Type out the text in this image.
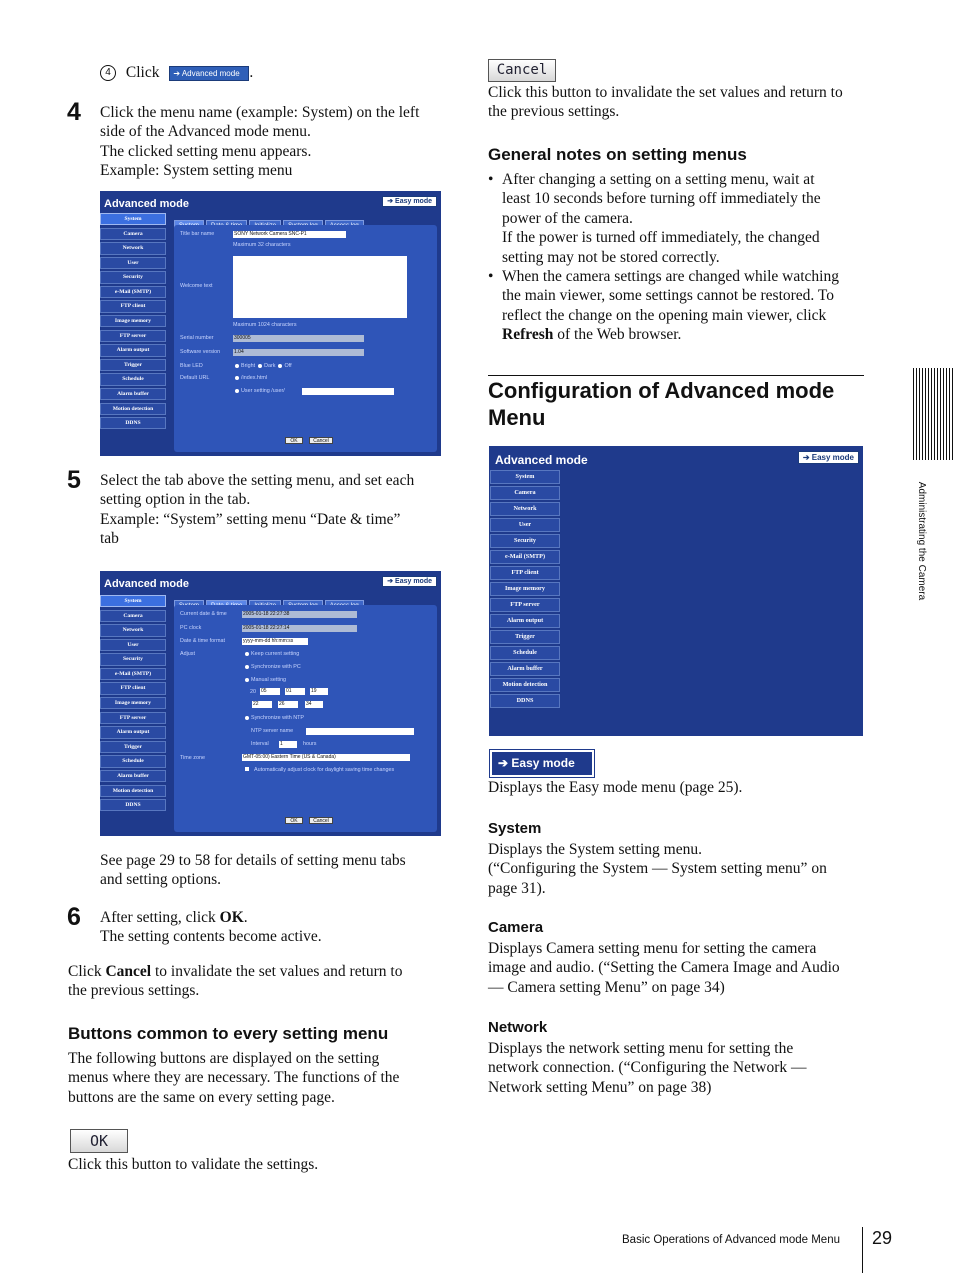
4 Click ➔ Advanced mode .
4 Click the menu name (example: System) on the left

side of the Advanced mode menu.

The clicked setting menu appears.

Example: System setting menu

Advanced mode	➔ Easy mode
System
Camera
Network
User
Security
e-Mail (SMTP)
FTP client
Image memory
FTP server
Alarm output
Trigger
Schedule
Alarm buffer
Motion detection
DDNS
Title bar name	SONY Network Camera SNC-P1
Maximum 32 characters
Welcome text
Maximum 1024 characters
Serial number	300005
Software version	1.04
Blue LED	Bright Dark Off
Default URL	/index.html
User setting /user/
OK	Cancel
5 Select the tab above the setting menu, and set each

setting option in the tab.

Example: “System” setting menu “Date & time”

tab

Advanced mode	➔ Easy mode
System
Camera
Network
User
Security
e-Mail (SMTP)
FTP client
Image memory
FTP server
Alarm output
Trigger
Schedule
Alarm buffer
Motion detection
DDNS
Current date & time	2005-01-18 22:27:38
PC clock	2005-01-18 22:27:14
Date & time format	yyyy-mm-dd hh:mm:ss
Adjust	Keep current setting
Synchronize with PC
Manual setting
20 05	01	19
22	26	34
Synchronize with NTP
NTP server name
Interval 1	hours
Time zone	GMT-05:00) Eastern Time (US & Canada)
Automatically adjust clock for daylight saving time changes
OK	Cancel

See page 29 to 58 for details of setting menu tabs

and setting options.

6 After setting, click OK.

The setting contents become active.

Click Cancel to invalidate the set values and return to

the previous settings.

Buttons common to every setting menu

The following buttons are displayed on the setting

menus where they are necessary. The functions of the

buttons are the same on every setting page.

OK

Click this button to validate the settings.

Cancel

Click this button to invalidate the set values and return to

the previous settings.

General notes on setting menus
• After changing a setting on a setting menu, wait at

least 10 seconds before turning off immediately the

power of the camera.

If the power is turned off immediately, the changed

setting may not be stored correctly.

• When the camera settings are changed while watching

the main viewer, some settings cannot be restored. To

reflect the change on the opening main viewer, click

Refresh of the Web browser.

Configuration of Advanced mode
Menu
Advanced mode	➔ Easy mode
System
Camera
Network
User
Security
e-Mail (SMTP)
FTP client
Image memory
FTP server
Alarm output
Trigger
Schedule
Alarm buffer
Motion detection
DDNS
➔ Easy mode

Displays the Easy mode menu (page 25).

System

Displays the System setting menu.

(“Configuring the System — System setting menu” on

page 31).

Camera

Displays Camera setting menu for setting the camera

image and audio. (“Setting the Camera Image and Audio

— Camera setting Menu” on page 34)

Network

Displays the network setting menu for setting the

network connection. (“Configuring the Network —

Network setting Menu” on page 38)

Administrating the Camera
Basic Operations of Advanced mode Menu 29
